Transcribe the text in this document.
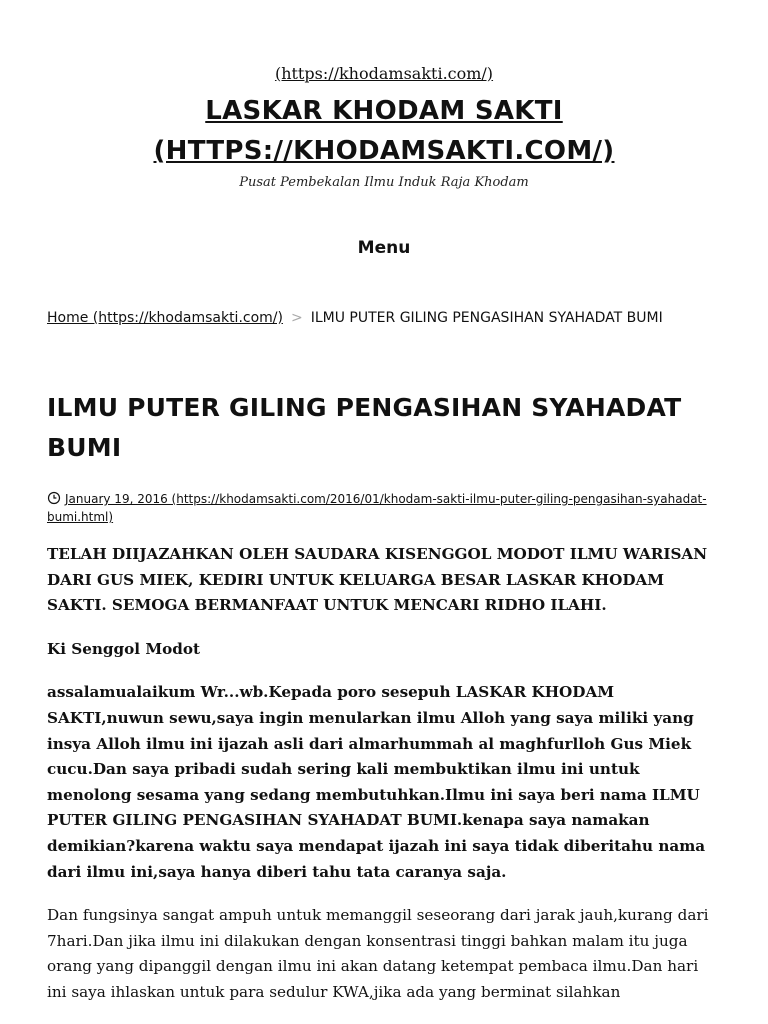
(https://khodamsakti.com/)
LASKAR KHODAM SAKTI
(HTTPS://KHODAMSAKTI.COM/)
Pusat Pembekalan Ilmu Induk Raja Khodam
Menu
Home (https://khodamsakti.com/) > ILMU PUTER GILING PENGASIHAN SYAHADAT BUMI
ILMU PUTER GILING PENGASIHAN SYAHADAT BUMI
January 19, 2016 (https://khodamsakti.com/2016/01/khodam-sakti-ilmu-puter-giling-pengasihan-syahadat-bumi.html)

TELAH DIIJAZAHKAN OLEH SAUDARA KISENGGOL MODOT ILMU WARISAN DARI GUS MIEK, KEDIRI UNTUK KELUARGA BESAR LASKAR KHODAM SAKTI. SEMOGA BERMANFAAT UNTUK MENCARI RIDHO ILAHI.

Ki Senggol Modot

assalamualaikum Wr...wb.Kepada poro sesepuh LASKAR KHODAM SAKTI,nuwun sewu,saya ingin menularkan ilmu Alloh yang saya miliki yang insya Alloh ilmu ini ijazah asli dari almarhummah al maghfurlloh Gus Miek cucu.Dan saya pribadi sudah sering kali membuktikan ilmu ini untuk menolong sesama yang sedang membutuhkan.Ilmu ini saya beri nama ILMU PUTER GILING PENGASIHAN SYAHADAT BUMI.kenapa saya namakan demikian?karena waktu saya mendapat ijazah ini saya tidak diberitahu nama dari ilmu ini,saya hanya diberi tahu tata caranya saja.

Dan fungsinya sangat ampuh untuk memanggil seseorang dari jarak jauh,kurang dari 7hari.Dan jika ilmu ini dilakukan dengan konsentrasi tinggi bahkan malam itu juga orang yang dipanggil dengan ilmu ini akan datang ketempat pembaca ilmu.Dan hari ini saya ihlaskan untuk para sedulur KWA,jika ada yang berminat silahkan
